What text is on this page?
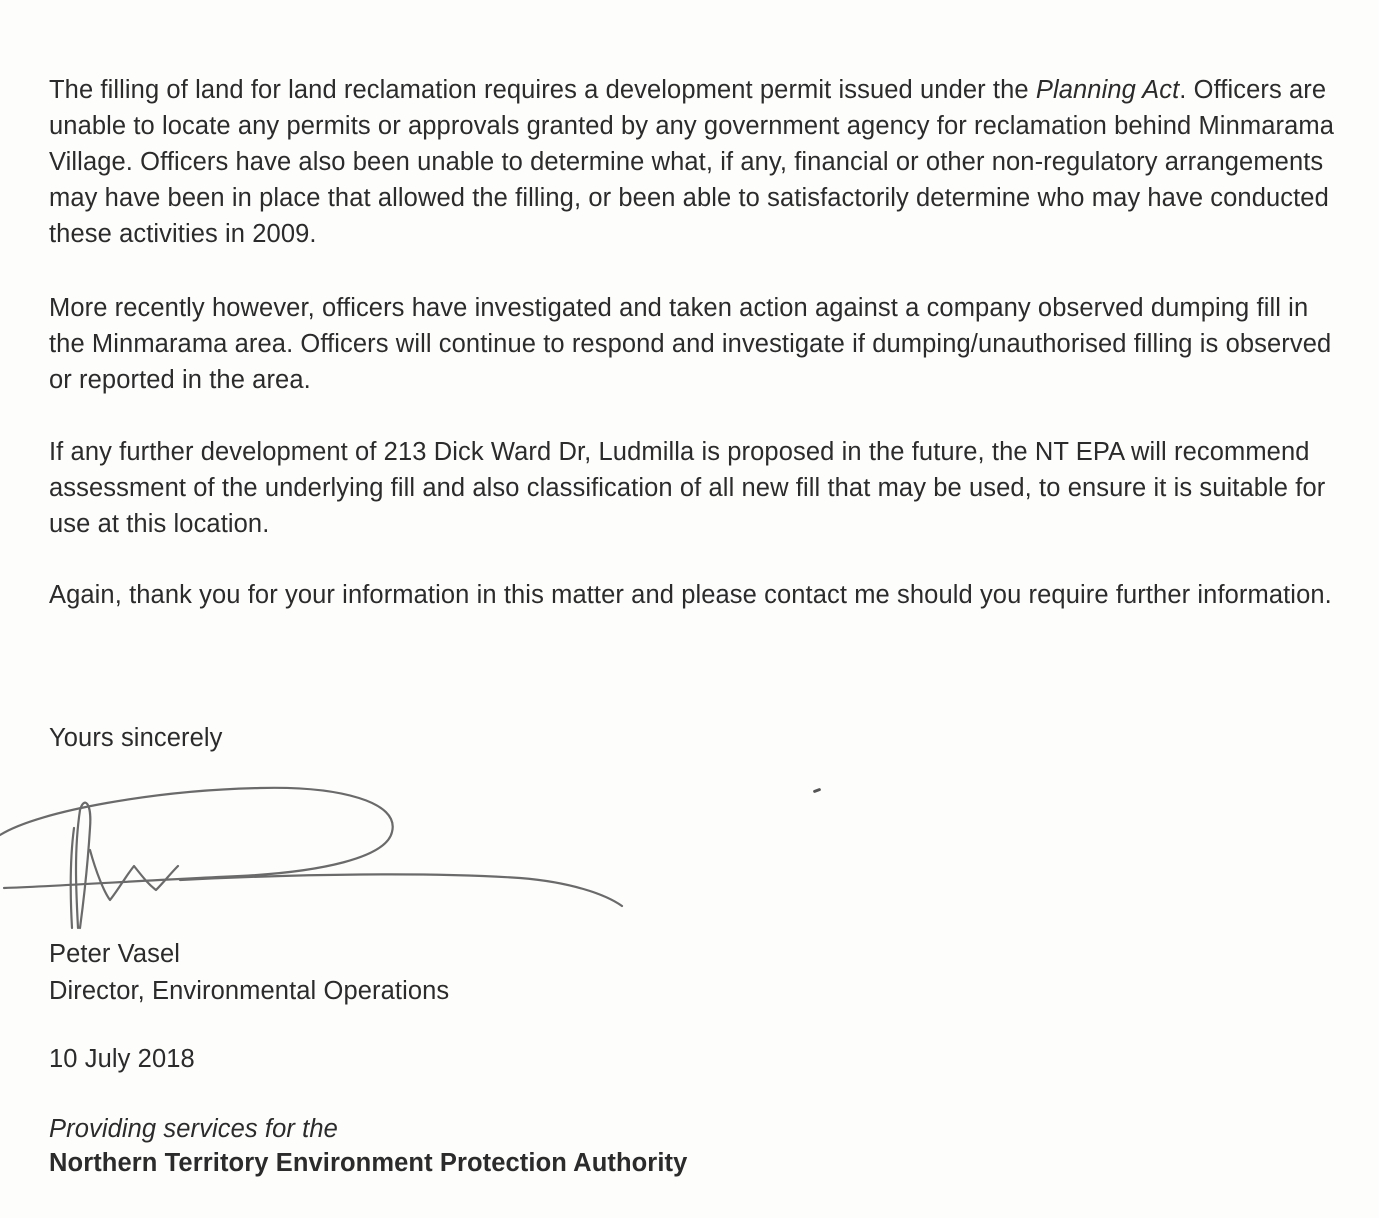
The filling of land for land reclamation requires a development permit issued under the Planning Act. Officers are unable to locate any permits or approvals granted by any government agency for reclamation behind Minmarama Village. Officers have also been unable to determine what, if any, financial or other non-regulatory arrangements may have been in place that allowed the filling, or been able to satisfactorily determine who may have conducted these activities in 2009.

More recently however, officers have investigated and taken action against a company observed dumping fill in the Minmarama area. Officers will continue to respond and investigate if dumping/unauthorised filling is observed or reported in the area.

If any further development of 213 Dick Ward Dr, Ludmilla is proposed in the future, the NT EPA will recommend assessment of the underlying fill and also classification of all new fill that may be used, to ensure it is suitable for use at this location.

Again, thank you for your information in this matter and please contact me should you require further information.

Yours sincerely
Peter Vasel
Director, Environmental Operations
10 July 2018
Providing services for the
Northern Territory Environment Protection Authority
